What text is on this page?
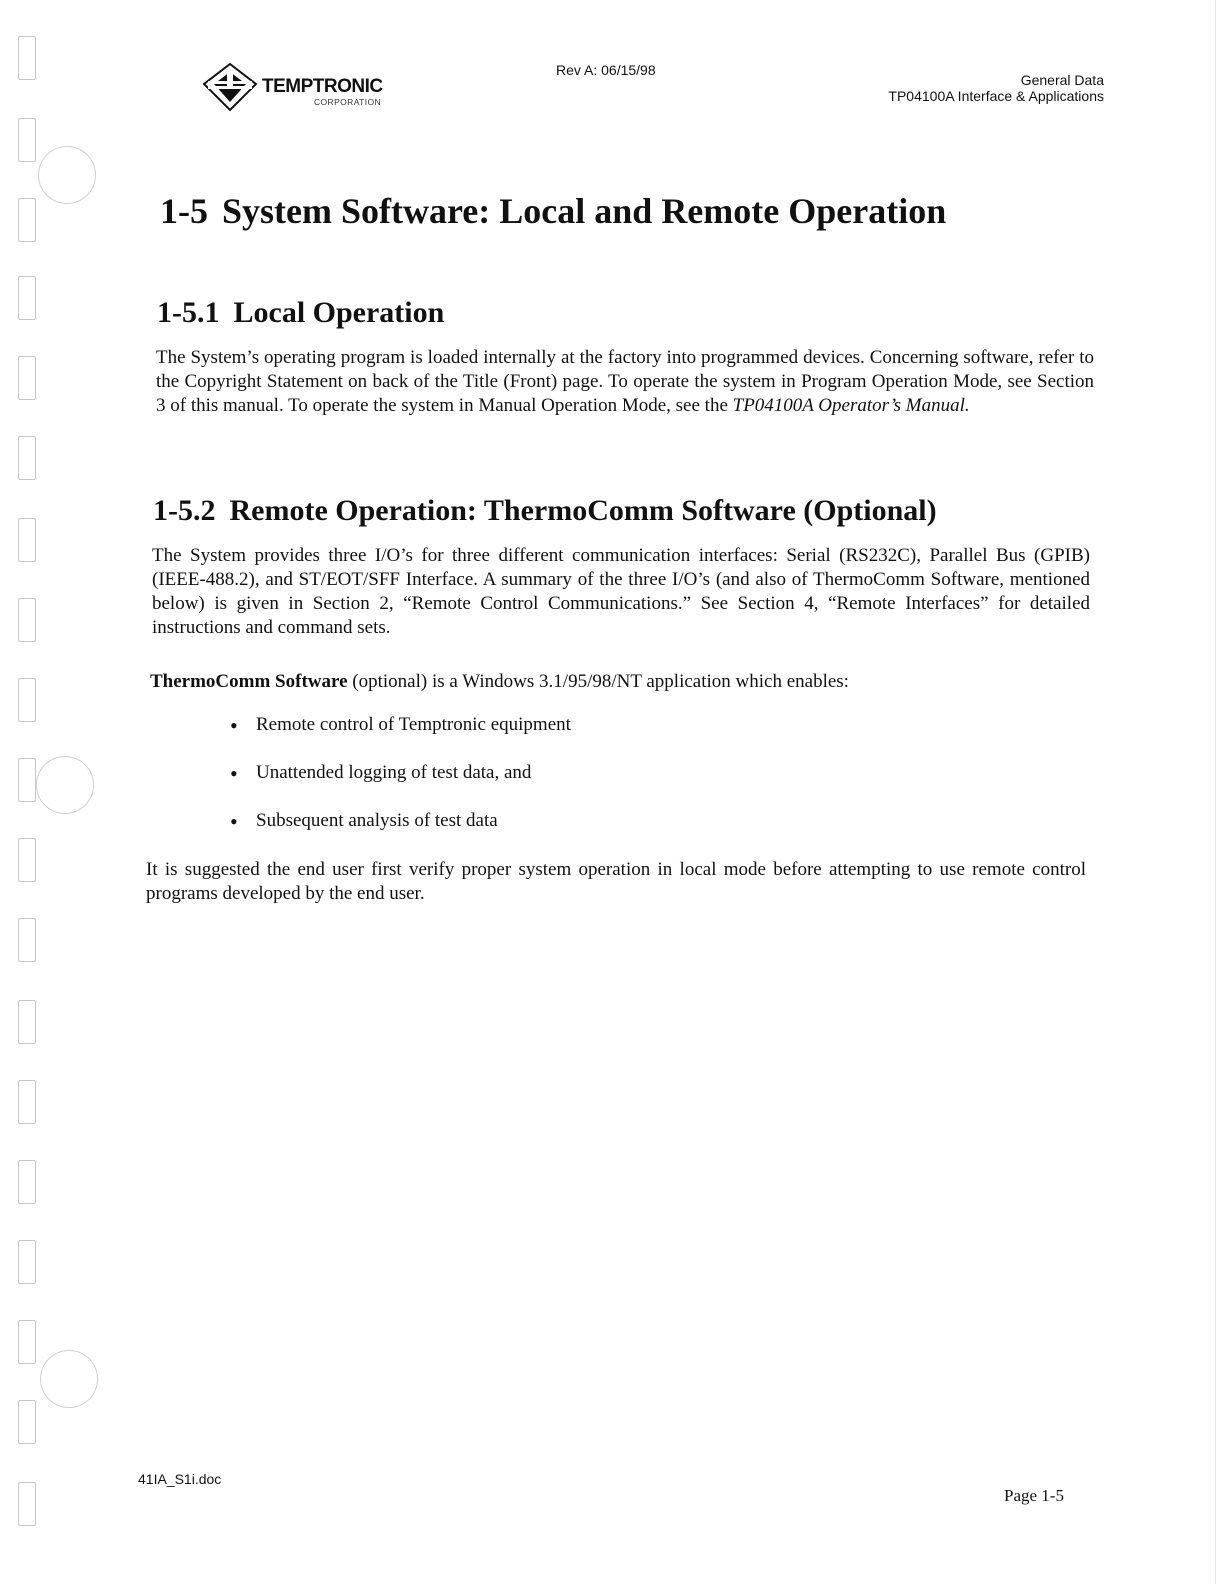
TEMPTRONIC
CORPORATION
Rev A: 06/15/98
General Data
TP04100A Interface & Applications
1-5 System Software: Local and Remote Operation
1-5.1 Local Operation

The System’s operating program is loaded internally at the factory into programmed devices. Concerning software, refer to the Copyright Statement on back of the Title (Front) page. To operate the system in Program Operation Mode, see Section 3 of this manual. To operate the system in Manual Operation Mode, see the TP04100A Operator’s Manual.

1-5.2 Remote Operation: ThermoComm Software (Optional)

The System provides three I/O’s for three different communication interfaces: Serial (RS232C), Parallel Bus (GPIB) (IEEE-488.2), and ST/EOT/SFF Interface. A summary of the three I/O’s (and also of ThermoComm Software, mentioned below) is given in Section 2, “Remote Control Communications.” See Section 4, “Remote Interfaces” for detailed instructions and command sets.

ThermoComm Software (optional) is a Windows 3.1/95/98/NT application which enables:

• Remote control of Temptronic equipment
• Unattended logging of test data, and
• Subsequent analysis of test data

It is suggested the end user first verify proper system operation in local mode before attempting to use remote control programs developed by the end user.

41IA_S1i.doc
Page 1-5
